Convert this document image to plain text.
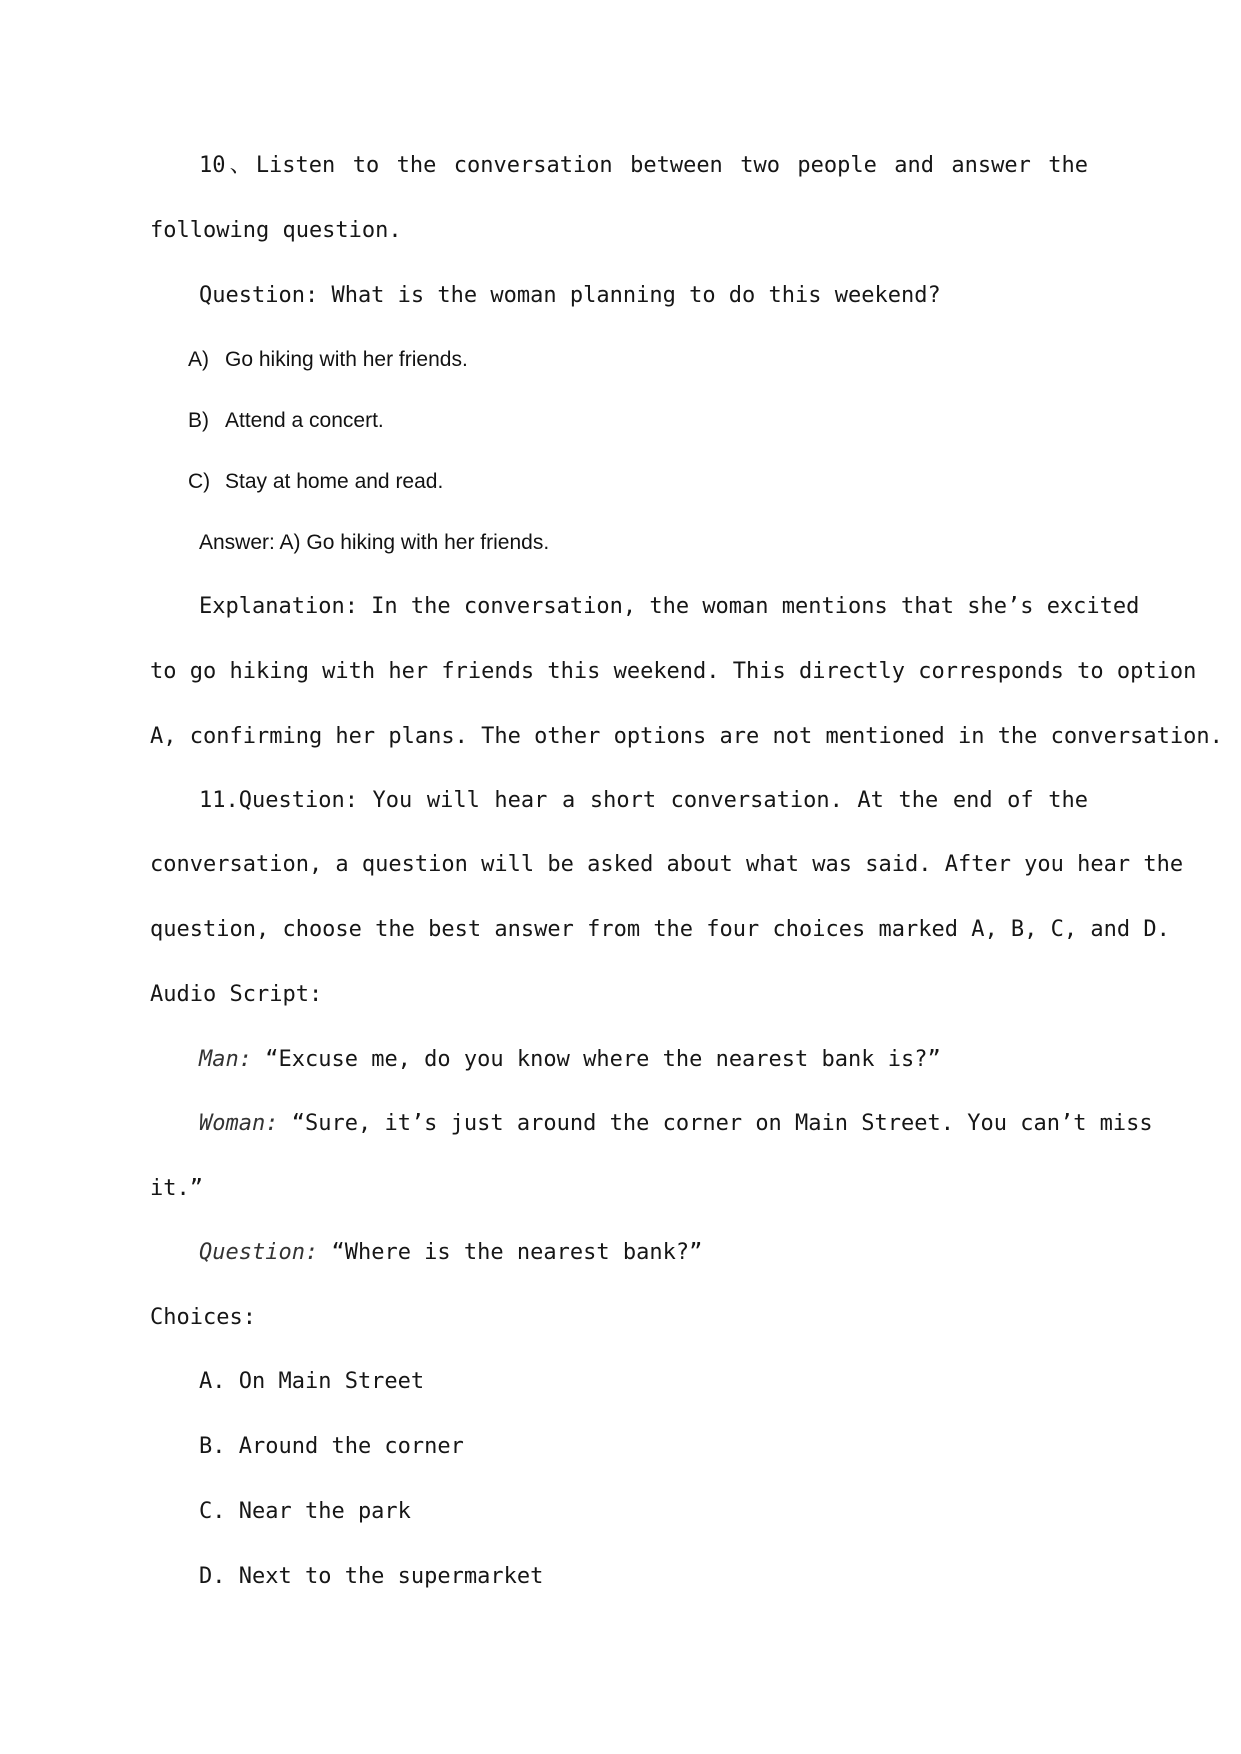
10、Listen to the conversation between two people and answer the
following question.
Question: What is the woman planning to do this weekend?
A) Go hiking with her friends.
B) Attend a concert.
C) Stay at home and read.
Answer: A) Go hiking with her friends.
Explanation: In the conversation, the woman mentions that she’s excited
to go hiking with her friends this weekend. This directly corresponds to option
A, confirming her plans. The other options are not mentioned in the conversation.
11.Question: You will hear a short conversation. At the end of the
conversation, a question will be asked about what was said. After you hear the
question, choose the best answer from the four choices marked A, B, C, and D.
Audio Script:
Man: “Excuse me, do you know where the nearest bank is?”
Woman: “Sure, it’s just around the corner on Main Street. You can’t miss
it.”
Question: “Where is the nearest bank?”
Choices:
A. On Main Street
B. Around the corner
C. Near the park
D. Next to the supermarket
